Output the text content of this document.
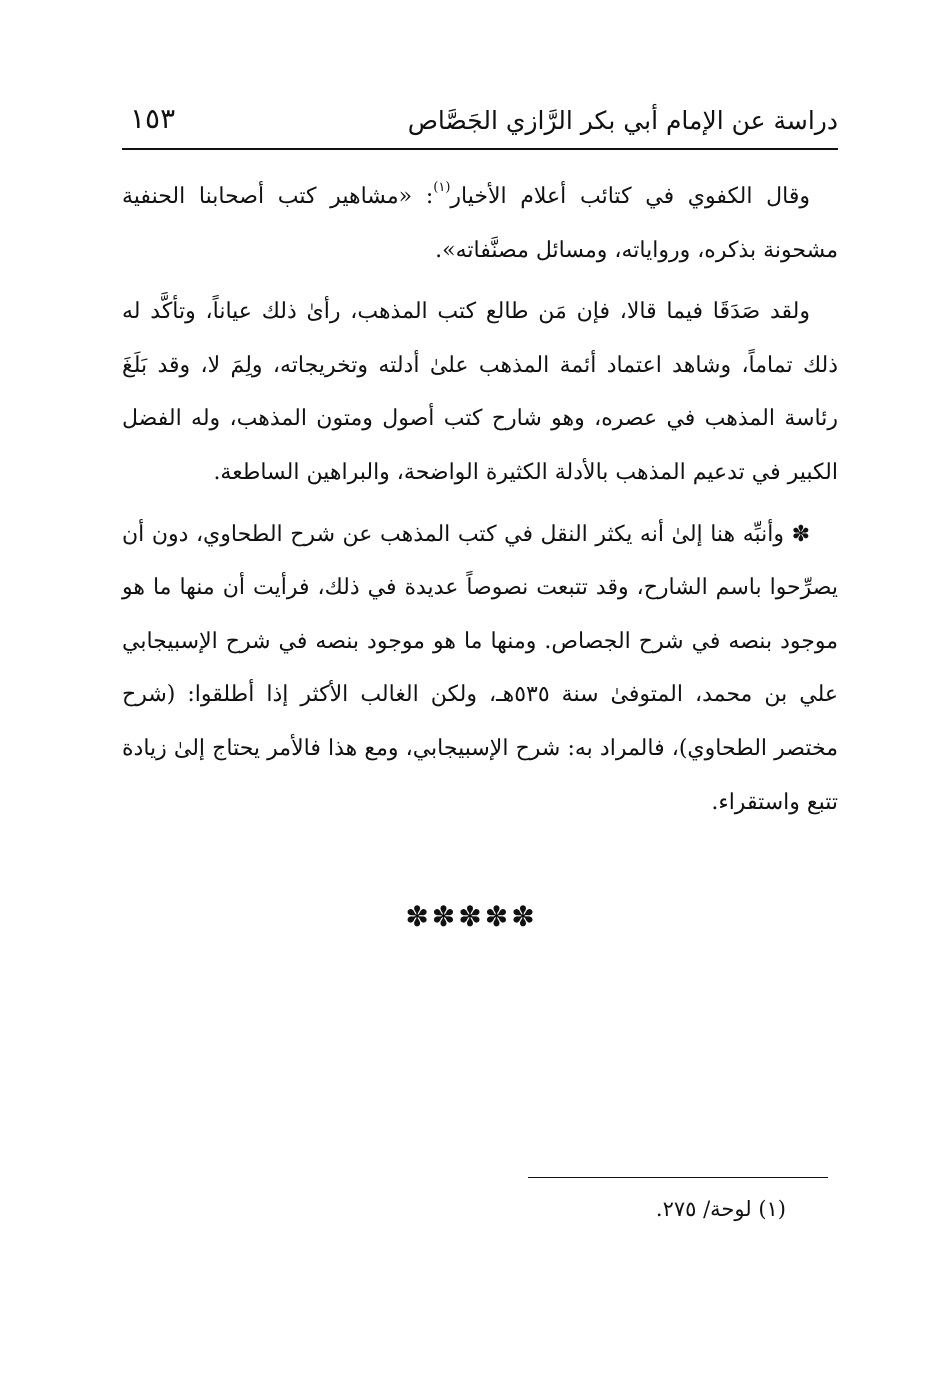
دراسة عن الإمام أبي بكر الرَّازي الجَصَّاص
١٥٣

وقال الكفوي في كتائب أعلام الأخيار$^{(١)}$: «مشاهير كتب أصحابنا الحنفية مشحونة بذكره، ورواياته، ومسائل مصنَّفاته».

ولقد صَدَقَا فيما قالا، فإن مَن طالع كتب المذهب، رأىٰ ذلك عياناً، وتأكَّد له ذلك تماماً، وشاهد اعتماد أئمة المذهب علىٰ أدلته وتخريجاته، ولِمَ لا، وقد بَلَغَ رئاسة المذهب في عصره، وهو شارح كتب أصول ومتون المذهب، وله الفضل الكبير في تدعيم المذهب بالأدلة الكثيرة الواضحة، والبراهين الساطعة.

✽ وأنبِّه هنا إلىٰ أنه يكثر النقل في كتب المذهب عن شرح الطحاوي، دون أن يصرِّحوا باسم الشارح، وقد تتبعت نصوصاً عديدة في ذلك، فرأيت أن منها ما هو موجود بنصه في شرح الجصاص. ومنها ما هو موجود بنصه في شرح الإسبيجابي علي بن محمد، المتوفىٰ سنة ٥٣٥هـ، ولكن الغالب الأكثر إذا أطلقوا: (شرح مختصر الطحاوي)، فالمراد به: شرح الإسبيجابي، ومع هذا فالأمر يحتاج إلىٰ زيادة تتبع واستقراء.

✽✽✽✽✽
(١) لوحة/ ٢٧٥.
